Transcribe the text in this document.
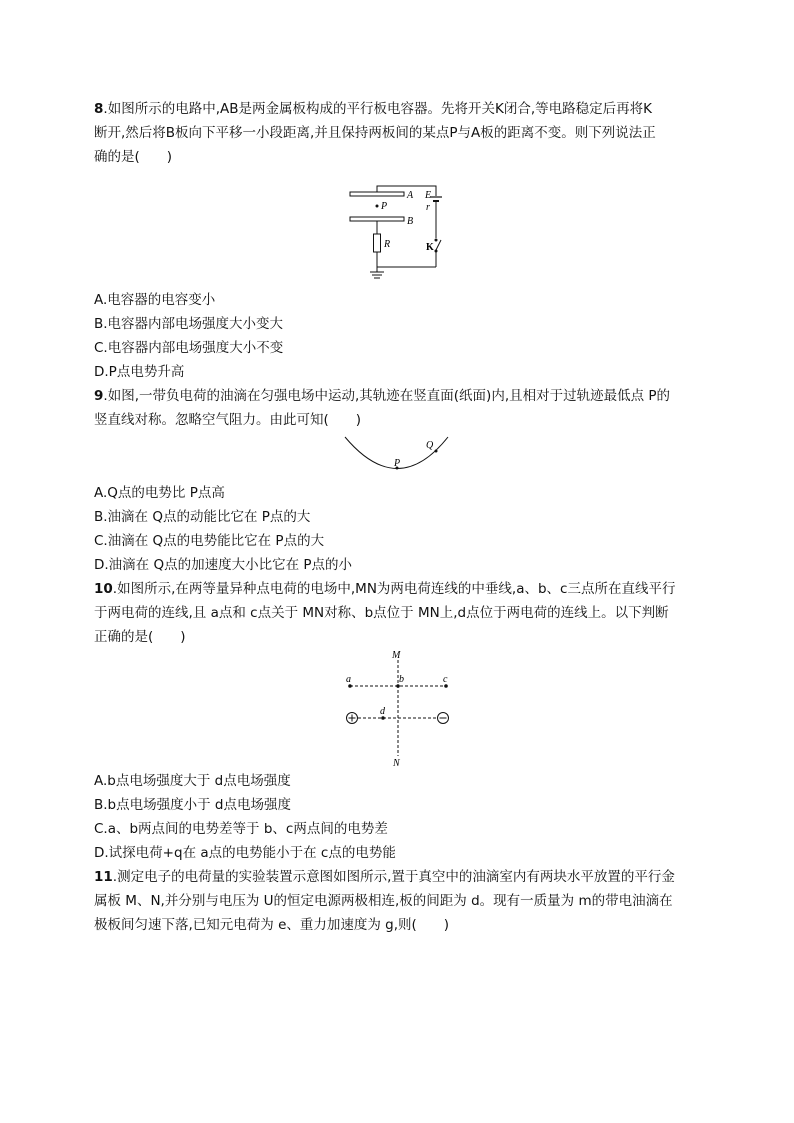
8.如图所示的电路中,AB是两金属板构成的平行板电容器。先将开关K闭合,等电路稳定后再将K
断开,然后将B板向下平移一小段距离,并且保持两板间的某点P与A板的距离不变。则下列说法正
确的是(　　)
P
A
B
E
r
R	K
A.电容器的电容变小
B.电容器内部电场强度大小变大
C.电容器内部电场强度大小不变
D.P点电势升高
9.如图,一带负电荷的油滴在匀强电场中运动,其轨迹在竖直面(纸面)内,且相对于过轨迹最低点 P的
竖直线对称。忽略空气阻力。由此可知(　　)
P
Q
A.Q点的电势比 P点高
B.油滴在 Q点的动能比它在 P点的大
C.油滴在 Q点的电势能比它在 P点的大
D.油滴在 Q点的加速度大小比它在 P点的小
10.如图所示,在两等量异种点电荷的电场中,MN为两电荷连线的中垂线,a、b、c三点所在直线平行
于两电荷的连线,且 a点和 c点关于 MN对称、b点位于 MN上,d点位于两电荷的连线上。以下判断
正确的是(　　)
M
N
a	b	c
d
A.b点电场强度大于 d点电场强度
B.b点电场强度小于 d点电场强度
C.a、b两点间的电势差等于 b、c两点间的电势差
D.试探电荷+q在 a点的电势能小于在 c点的电势能
11.测定电子的电荷量的实验装置示意图如图所示,置于真空中的油滴室内有两块水平放置的平行金
属板 M、N,并分别与电压为 U的恒定电源两极相连,板的间距为 d。现有一质量为 m的带电油滴在
极板间匀速下落,已知元电荷为 e、重力加速度为 g,则(　　)
